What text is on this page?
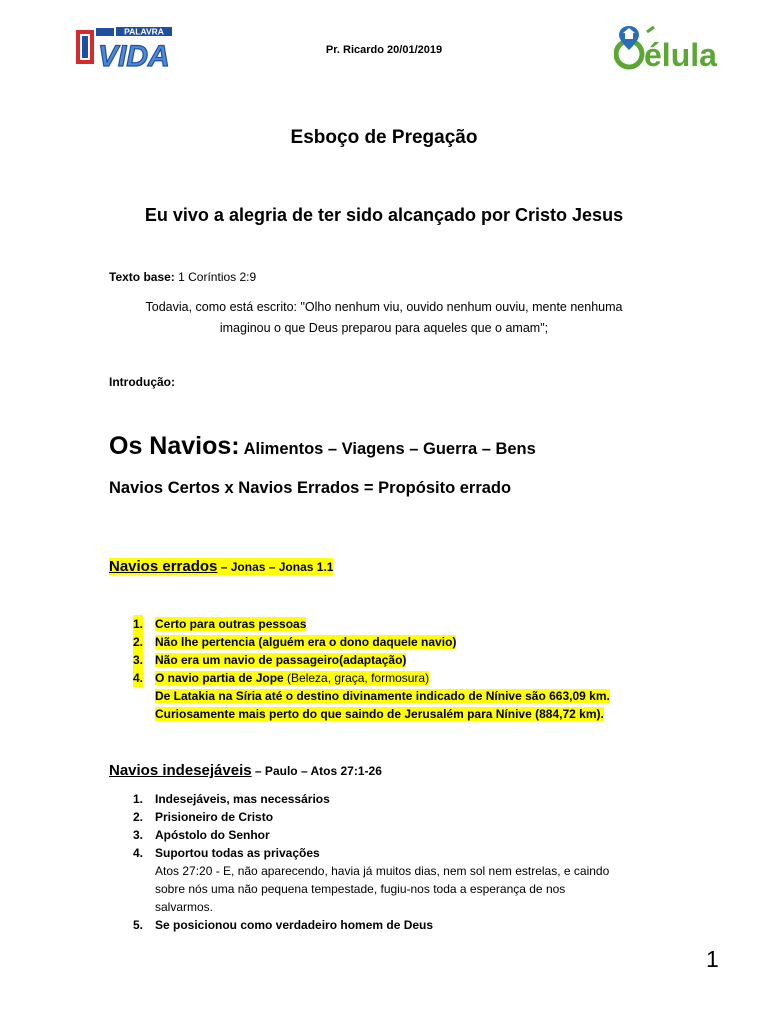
PALAVRA
VIDA	Pr. Ricardo 20/01/2019	élula
Esboço de Pregação
Eu vivo a alegria de ter sido alcançado por Cristo Jesus
Texto base: 1 Coríntios 2:9
Todavia, como está escrito: "Olho nenhum viu, ouvido nenhum ouviu, mente nenhuma
imaginou o que Deus preparou para aqueles que o amam";
Introdução:
Os Navios: Alimentos – Viagens – Guerra – Bens
Navios Certos x Navios Errados = Propósito errado
Navios errados – Jonas – Jonas 1.1
1. Certo para outras pessoas
2. Não lhe pertencia (alguém era o dono daquele navio)
3. Não era um navio de passageiro(adaptação)
4. O navio partia de Jope (Beleza, graça, formosura)
De Latakia na Síria até o destino divinamente indicado de Nínive são 663,09 km.
Curiosamente mais perto do que saindo de Jerusalém para Nínive (884,72 km).
Navios indesejáveis – Paulo – Atos 27:1-26
1. Indesejáveis, mas necessários
2. Prisioneiro de Cristo
3. Apóstolo do Senhor
4. Suportou todas as privações
Atos 27:20 - E, não aparecendo, havia já muitos dias, nem sol nem estrelas, e caindo
sobre nós uma não pequena tempestade, fugiu-nos toda a esperança de nos
salvarmos.
5. Se posicionou como verdadeiro homem de Deus
1
